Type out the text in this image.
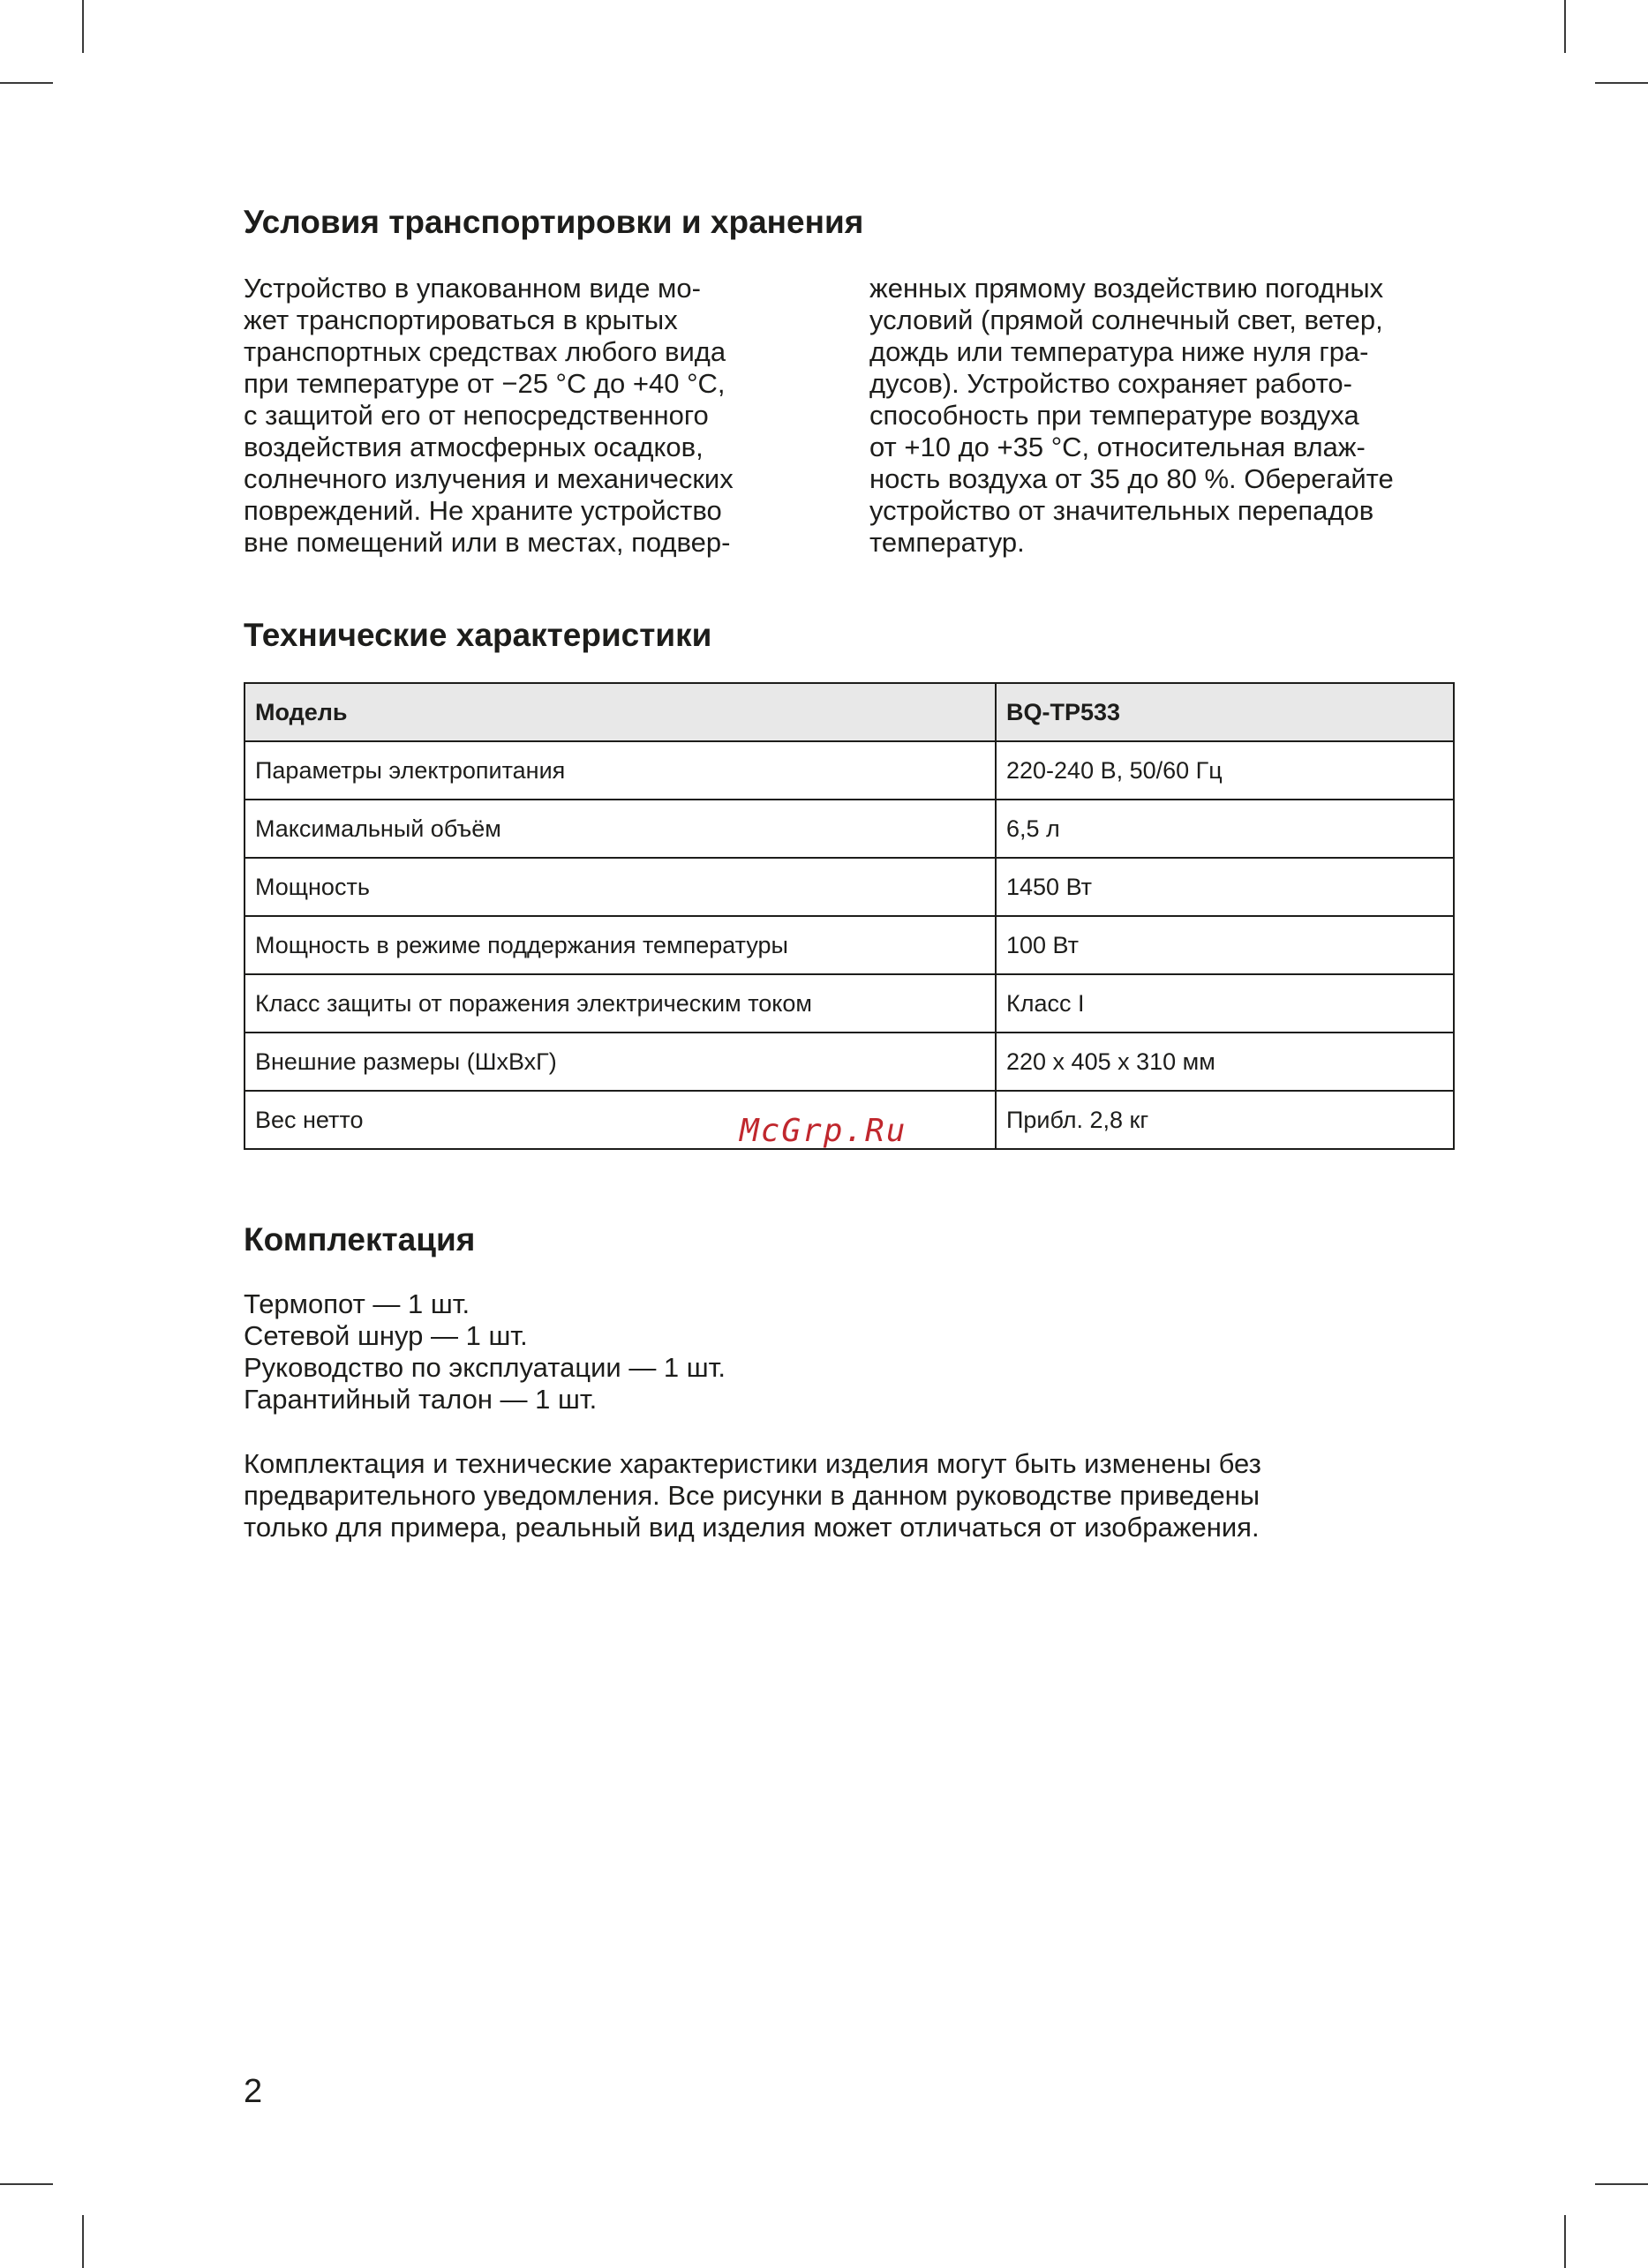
Условия транспортировки и хранения

Устройство в упакованном виде мо-
жет транспортироваться в крытых
транспортных средствах любого вида
при температуре от −25 °С до +40 °С,
с защитой его от непосредственного
воздействия атмосферных осадков,
солнечного излучения и механических
повреждений. Не храните устройство
вне помещений или в местах, подвер-

женных прямому воздействию погодных
условий (прямой солнечный свет, ветер,
дождь или температура ниже нуля гра-
дусов). Устройство сохраняет работо-
способность при температуре воздуха
от +10 до +35 °С, относительная влаж-
ность воздуха от 35 до 80 %. Оберегайте
устройство от значительных перепадов
температур.

Технические характеристики
Модель	BQ-TP533
Параметры электропитания	220-240 В, 50/60 Гц
Максимальный объём	6,5 л
Мощность	1450 Вт
Мощность в режиме поддержания температуры	100 Вт
Класс защиты от поражения электрическим током	Класс I
Внешние размеры (ШхВхГ)	220 x 405 x 310 мм
Вес нетто	Прибл. 2,8 кг
McGrp.Ru
Комплектация

Термопот — 1 шт.
Сетевой шнур — 1 шт.
Руководство по эксплуатации — 1 шт.
Гарантийный талон — 1 шт.

Комплектация и технические характеристики изделия могут быть изменены без
предварительного уведомления. Все рисунки в данном руководстве приведены
только для примера, реальный вид изделия может отличаться от изображения.

2
